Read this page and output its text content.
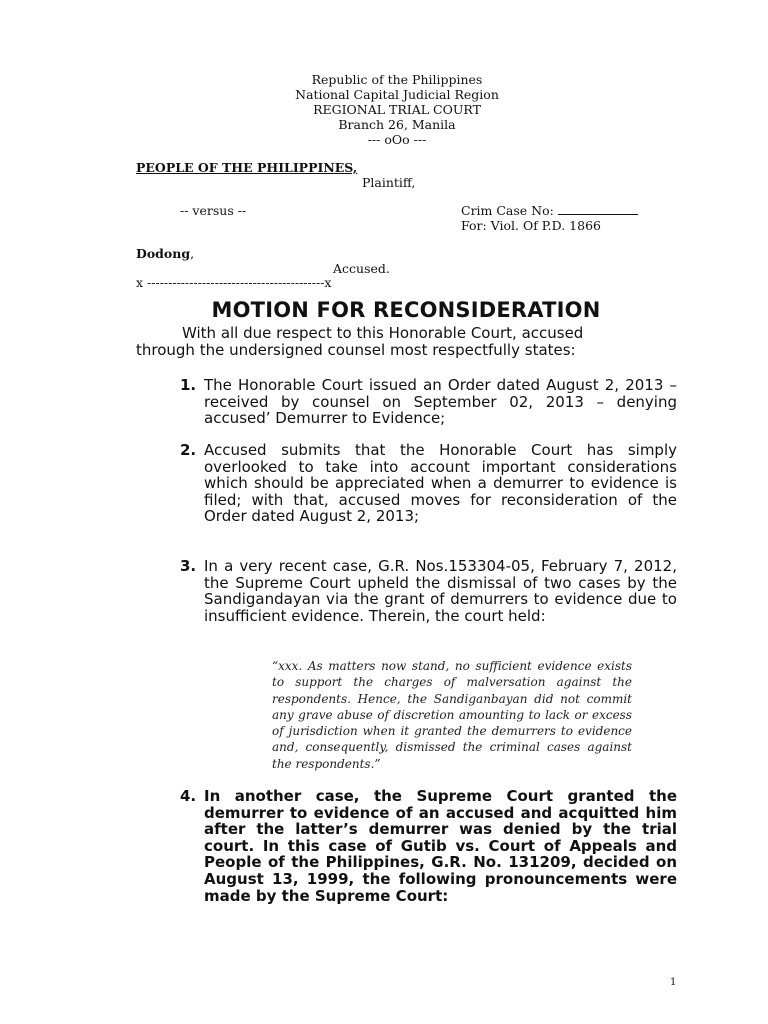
Republic of the Philippines
National Capital Judicial Region
REGIONAL TRIAL COURT
Branch 26, Manila
--- oOo ---
PEOPLE OF THE PHILIPPINES,
Plaintiff,
-- versus --	Crim Case No:
For: Viol. Of P.D. 1866
Dodong,
Accused.
x ------------------------------------------x
MOTION FOR RECONSIDERATION
With all due respect to this Honorable Court, accused
through the undersigned counsel most respectfully states:
1. The Honorable Court issued an Order dated August 2, 2013 –received by counsel on September 02, 2013 – denying accused’ Demurrer to Evidence;
2. Accused submits that the Honorable Court has simply overlooked to take into account important considerations which should be appreciated when a demurrer to evidence is filed; with that, accused moves for reconsideration of the Order dated August 2, 2013;
3. In a very recent case, G.R. Nos.153304-05, February 7, 2012, the Supreme Court upheld the dismissal of two cases by the Sandigandayan via the grant of demurrers to evidence due to insufficient evidence. Therein, the court held:
“xxx. As matters now stand, no sufficient evidence exists to support the charges of malversation against the respondents. Hence, the Sandiganbayan did not commit any grave abuse of discretion amounting to lack or excess of jurisdiction when it granted the demurrers to evidence and, consequently, dismissed the criminal cases against the respondents.”
4. In another case, the Supreme Court granted the demurrer to evidence of an accused and acquitted him after the latter’s demurrer was denied by the trial court. In this case of Gutib vs. Court of Appeals and People of the Philippines, G.R. No. 131209, decided on August 13, 1999, the following pronouncements were made by the Supreme Court:
1
